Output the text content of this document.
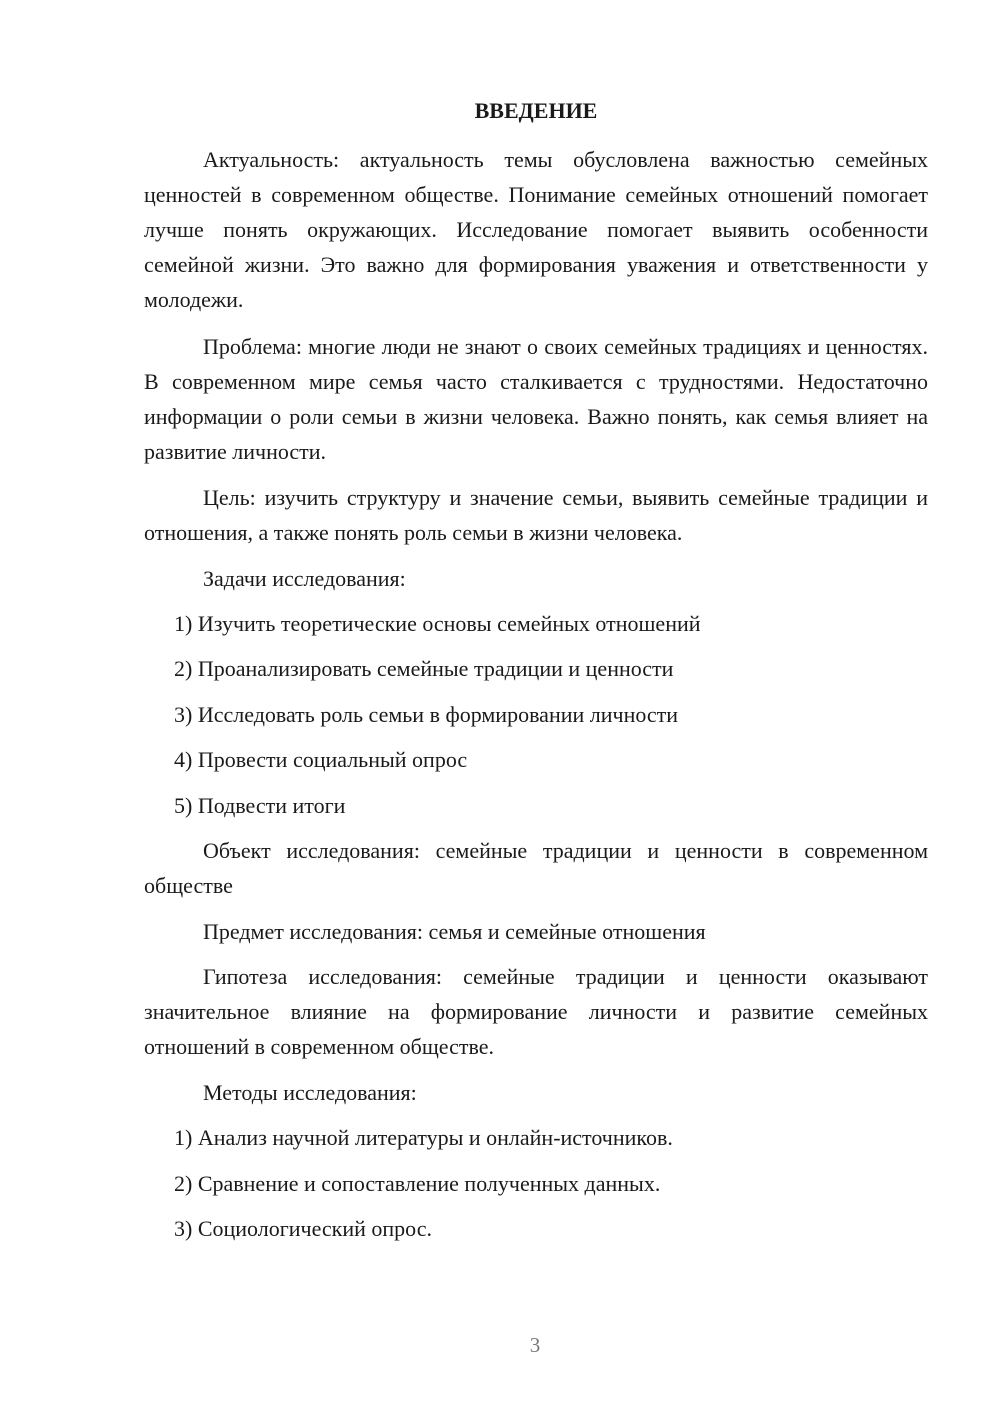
ВВЕДЕНИЕ

Актуальность: актуальность темы обусловлена важностью семейных ценностей в современном обществе. Понимание семейных отношений помогает лучше понять окружающих. Исследование помогает выявить особенности семейной жизни. Это важно для формирования уважения и ответственности у молодежи.

Проблема: многие люди не знают о своих семейных традициях и ценностях. В современном мире семья часто сталкивается с трудностями. Недостаточно информации о роли семьи в жизни человека. Важно понять, как семья влияет на развитие личности.

Цель: изучить структуру и значение семьи, выявить семейные традиции и отношения, а также понять роль семьи в жизни человека.

Задачи исследования:

1) Изучить теоретические основы семейных отношений

2) Проанализировать семейные традиции и ценности

3) Исследовать роль семьи в формировании личности

4) Провести социальный опрос

5) Подвести итоги

Объект исследования: семейные традиции и ценности в современном обществе

Предмет исследования: семья и семейные отношения

Гипотеза исследования: семейные традиции и ценности оказывают значительное влияние на формирование личности и развитие семейных отношений в современном обществе.

Методы исследования:

1) Анализ научной литературы и онлайн-источников.

2) Сравнение и сопоставление полученных данных.

3) Социологический опрос.

3
